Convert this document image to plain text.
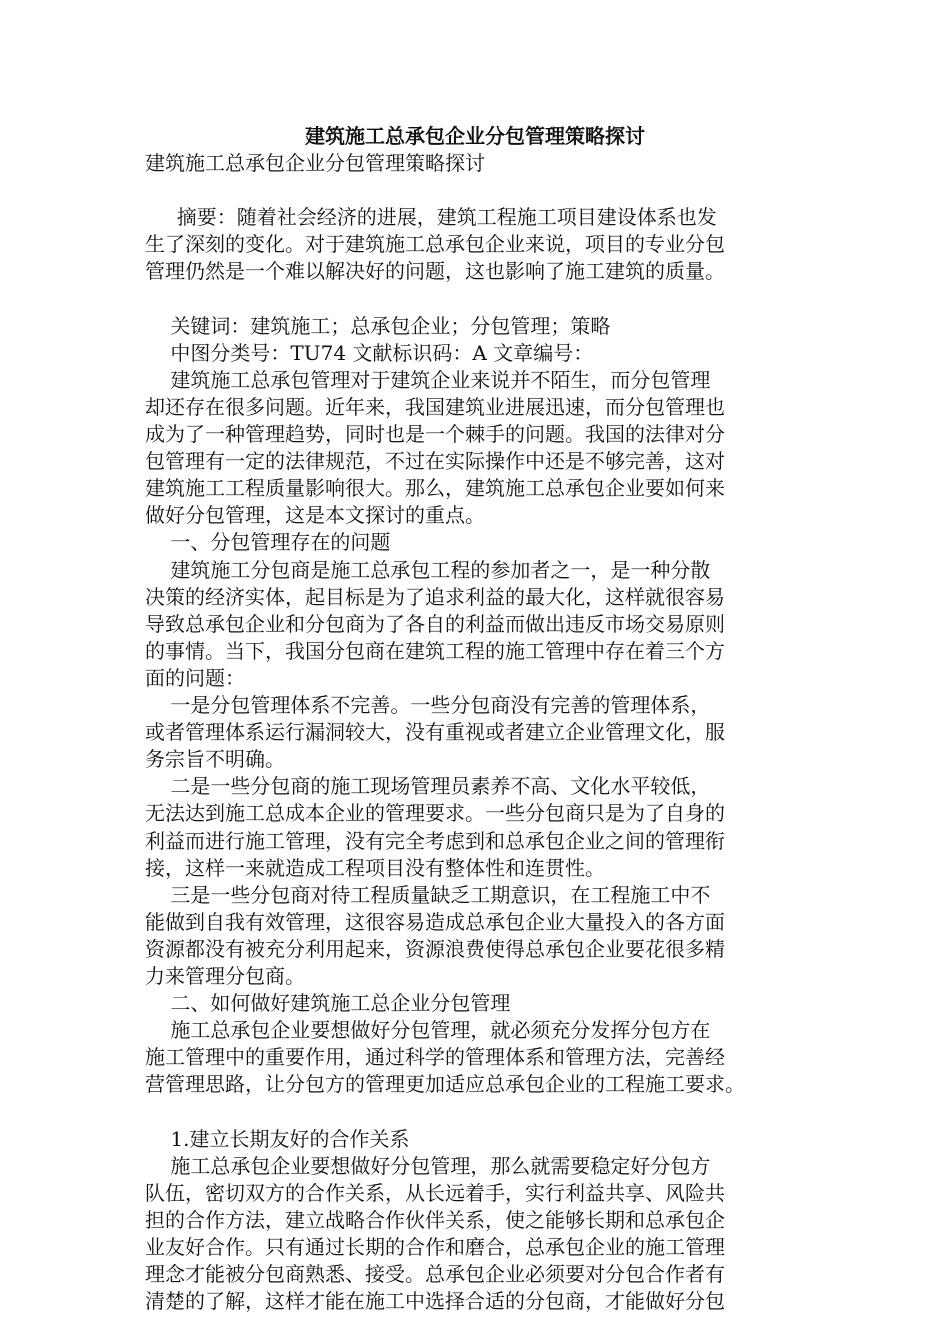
建筑施工总承包企业分包管理策略探讨
建筑施工总承包企业分包管理策略探讨
摘要：随着社会经济的进展，建筑工程施工项目建设体系也发
生了深刻的变化。对于建筑施工总承包企业来说，项目的专业分包
管理仍然是一个难以解决好的问题，这也影响了施工建筑的质量。
关键词：建筑施工；总承包企业；分包管理；策略
中图分类号：TU74 文献标识码：A 文章编号：
建筑施工总承包管理对于建筑企业来说并不陌生，而分包管理
却还存在很多问题。近年来，我国建筑业进展迅速，而分包管理也
成为了一种管理趋势，同时也是一个棘手的问题。我国的法律对分
包管理有一定的法律规范，不过在实际操作中还是不够完善，这对
建筑施工工程质量影响很大。那么，建筑施工总承包企业要如何来
做好分包管理，这是本文探讨的重点。
一、分包管理存在的问题
建筑施工分包商是施工总承包工程的参加者之一，是一种分散
决策的经济实体，起目标是为了追求利益的最大化，这样就很容易
导致总承包企业和分包商为了各自的利益而做出违反市场交易原则
的事情。当下，我国分包商在建筑工程的施工管理中存在着三个方
面的问题：
一是分包管理体系不完善。一些分包商没有完善的管理体系，
或者管理体系运行漏洞较大，没有重视或者建立企业管理文化，服
务宗旨不明确。
二是一些分包商的施工现场管理员素养不高、文化水平较低，
无法达到施工总成本企业的管理要求。一些分包商只是为了自身的
利益而进行施工管理，没有完全考虑到和总承包企业之间的管理衔
接，这样一来就造成工程项目没有整体性和连贯性。
三是一些分包商对待工程质量缺乏工期意识，在工程施工中不
能做到自我有效管理，这很容易造成总承包企业大量投入的各方面
资源都没有被充分利用起来，资源浪费使得总承包企业要花很多精
力来管理分包商。
二、如何做好建筑施工总企业分包管理
施工总承包企业要想做好分包管理，就必须充分发挥分包方在
施工管理中的重要作用，通过科学的管理体系和管理方法，完善经
营管理思路，让分包方的管理更加适应总承包企业的工程施工要求。
1.建立长期友好的合作关系
施工总承包企业要想做好分包管理，那么就需要稳定好分包方
队伍，密切双方的合作关系，从长远着手，实行利益共享、风险共
担的合作方法，建立战略合作伙伴关系，使之能够长期和总承包企
业友好合作。只有通过长期的合作和磨合，总承包企业的施工管理
理念才能被分包商熟悉、接受。总承包企业必须要对分包合作者有
清楚的了解，这样才能在施工中选择合适的分包商，才能做好分包
